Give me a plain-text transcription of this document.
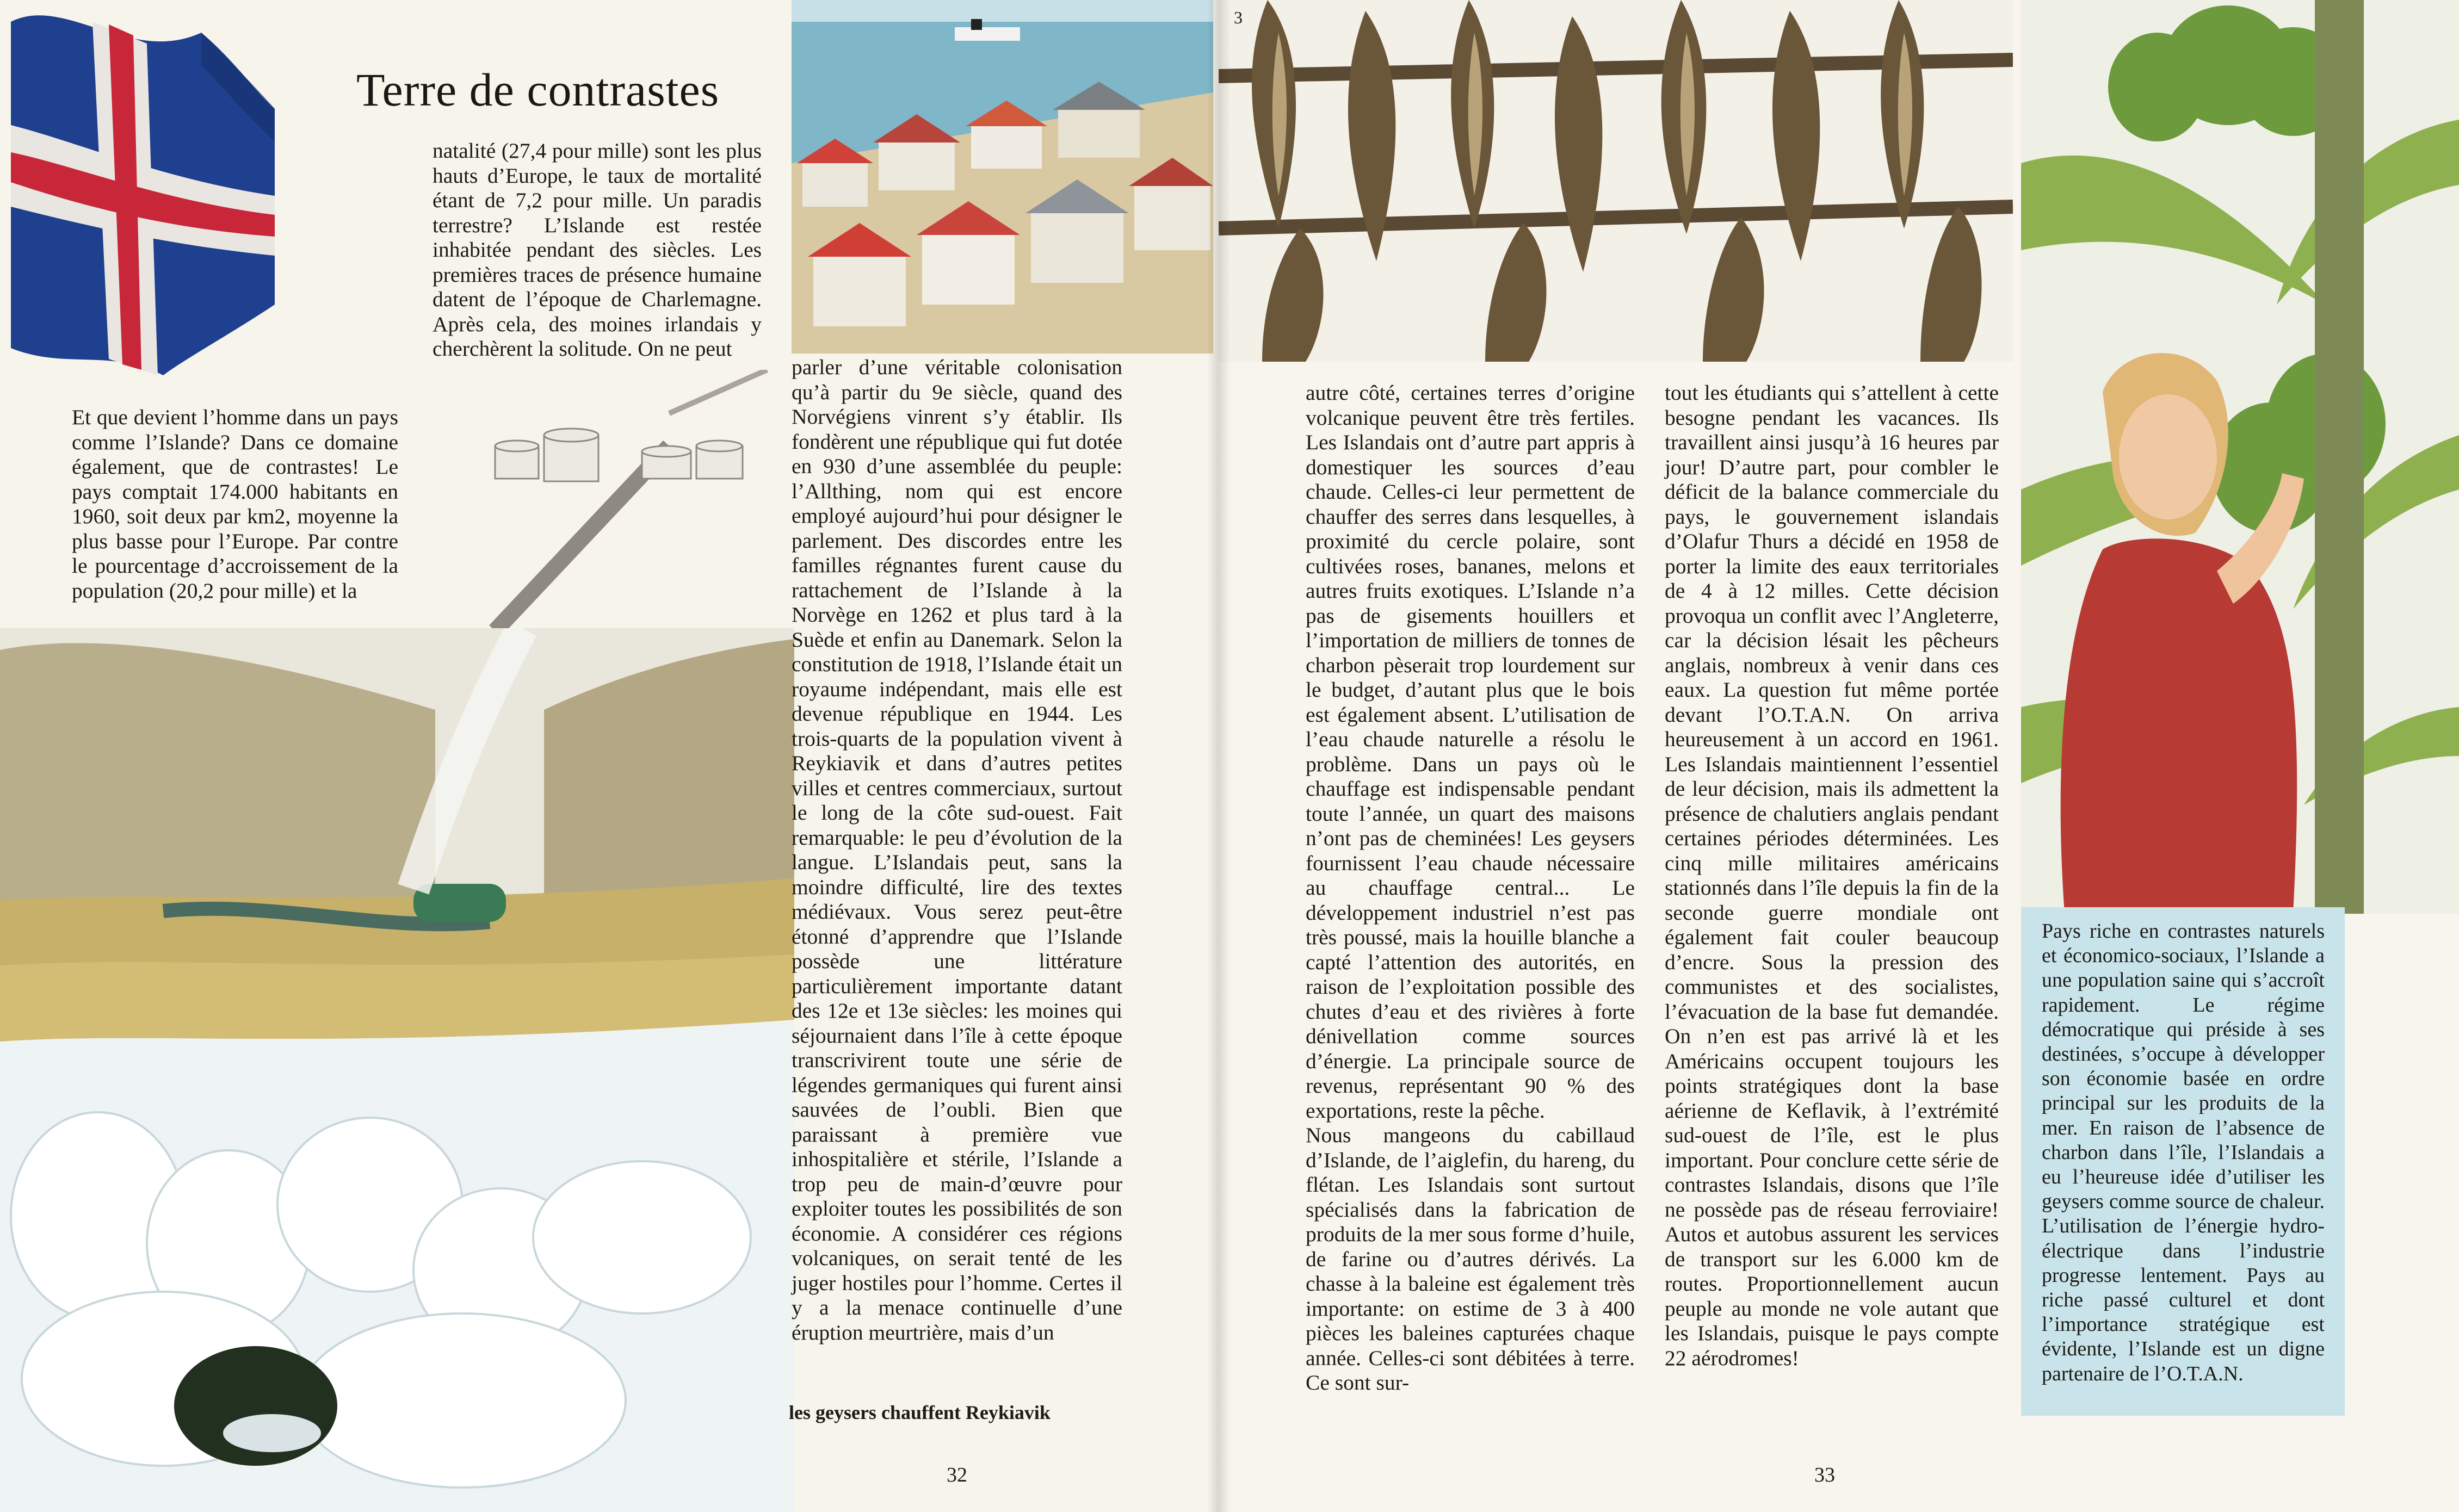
Terre de contrastes

natalité (27,4 pour mille) sont les plus hauts d’Europe, le taux de mortalité étant de 7,2 pour mille. Un paradis terrestre? L’Islande est restée inhabitée pendant des siècles. Les premières traces de présence humaine datent de l’époque de Charlemagne. Après cela, des moines irlandais y cherchèrent la solitude. On ne peut

Et que devient l’homme dans un pays comme l’Islande? Dans ce domaine également, que de contrastes! Le pays comptait 174.000 habitants en 1960, soit deux par km2, moyenne la plus basse pour l’Europe. Par contre le pourcentage d’accroissement de la population (20,2 pour mille) et la

parler d’une véritable colonisation qu’à partir du 9e siècle, quand des Norvégiens vinrent s’y établir. Ils fondèrent une république qui fut dotée en 930 d’une assemblée du peuple: l’Allthing, nom qui est encore employé aujourd’hui pour désigner le parlement. Des discordes entre les familles régnantes furent cause du rattachement de l’Islande à la Norvège en 1262 et plus tard à la Suède et enfin au Danemark. Selon la constitution de 1918, l’Islande était un royaume indépendant, mais elle est devenue république en 1944. Les trois-quarts de la population vivent à Reykiavik et dans d’autres petites villes et centres commerciaux, surtout le long de la côte sud-ouest. Fait remarquable: le peu d’évolution de la langue. L’Islandais peut, sans la moindre difficulté, lire des textes médiévaux. Vous serez peut-être étonné d’apprendre que l’Islande possède une littérature particulièrement importante datant des 12e et 13e siècles: les moines qui séjournaient dans l’île à cette époque transcrivirent toute une série de légendes germaniques qui furent ainsi sauvées de l’oubli. Bien que paraissant à première vue inhospitalière et stérile, l’Islande a trop peu de main-d’œuvre pour exploiter toutes les possibilités de son économie. A considérer ces régions volcaniques, on serait tenté de les juger hostiles pour l’homme. Certes il y a la menace continuelle d’une éruption meurtrière, mais d’un

les geysers chauffent Reykiavik
32
3

autre côté, certaines terres d’origine volcanique peuvent être très fertiles. Les Islandais ont d’autre part appris à domestiquer les sources d’eau chaude. Celles-ci leur permettent de chauffer des serres dans lesquelles, à proximité du cercle polaire, sont cultivées roses, bananes, melons et autres fruits exotiques. L’Islande n’a pas de gisements houillers et l’importation de milliers de tonnes de charbon pèserait trop lourdement sur le budget, d’autant plus que le bois est également absent. L’utilisation de l’eau chaude naturelle a résolu le problème. Dans un pays où le chauffage est indispensable pendant toute l’année, un quart des maisons n’ont pas de cheminées! Les geysers fournissent l’eau chaude nécessaire au chauffage central... Le développement industriel n’est pas très poussé, mais la houille blanche a capté l’attention des autorités, en raison de l’exploitation possible des chutes d’eau et des rivières à forte dénivellation comme sources d’énergie. La principale source de revenus, représentant 90 % des exportations, reste la pêche.

Nous mangeons du cabillaud d’Islande, de l’aiglefin, du hareng, du flétan. Les Islandais sont surtout spécialisés dans la fabrication de produits de la mer sous forme d’huile, de farine ou d’autres dérivés. La chasse à la baleine est également très importante: on estime de 3 à 400 pièces les baleines capturées chaque année. Celles-ci sont débitées à terre. Ce sont sur-

tout les étudiants qui s’attellent à cette besogne pendant les vacances. Ils travaillent ainsi jusqu’à 16 heures par jour! D’autre part, pour combler le déficit de la balance commerciale du pays, le gouvernement islandais d’Olafur Thurs a décidé en 1958 de porter la limite des eaux territoriales de 4 à 12 milles. Cette décision provoqua un conflit avec l’Angleterre, car la décision lésait les pêcheurs anglais, nombreux à venir dans ces eaux. La question fut même portée devant l’O.T.A.N. On arriva heureusement à un accord en 1961. Les Islandais maintiennent l’essentiel de leur décision, mais ils admettent la présence de chalutiers anglais pendant certaines périodes déterminées. Les cinq mille militaires américains stationnés dans l’île depuis la fin de la seconde guerre mondiale ont également fait couler beaucoup d’encre. Sous la pression des communistes et des socialistes, l’évacuation de la base fut demandée. On n’en est pas arrivé là et les Américains occupent toujours les points stratégiques dont la base aérienne de Keflavik, à l’extrémité sud-ouest de l’île, est le plus important. Pour conclure cette série de contrastes Islandais, disons que l’île ne possède pas de réseau ferroviaire! Autos et autobus assurent les services de transport sur les 6.000 km de routes. Proportionnellement aucun peuple au monde ne vole autant que les Islandais, puisque le pays compte 22 aérodromes!

33

Pays riche en contrastes naturels et économico-sociaux, l’Islande a une population saine qui s’accroît rapidement. Le régime démocratique qui préside à ses destinées, s’occupe à développer son économie basée en ordre principal sur les produits de la mer. En raison de l’absence de charbon dans l’île, l’Islandais a eu l’heureuse idée d’utiliser les geysers comme source de chaleur. L’utilisation de l’énergie hydro-électrique dans l’industrie progresse lentement. Pays au riche passé culturel et dont l’importance stratégique est évidente, l’Islande est un digne partenaire de l’O.T.A.N.
